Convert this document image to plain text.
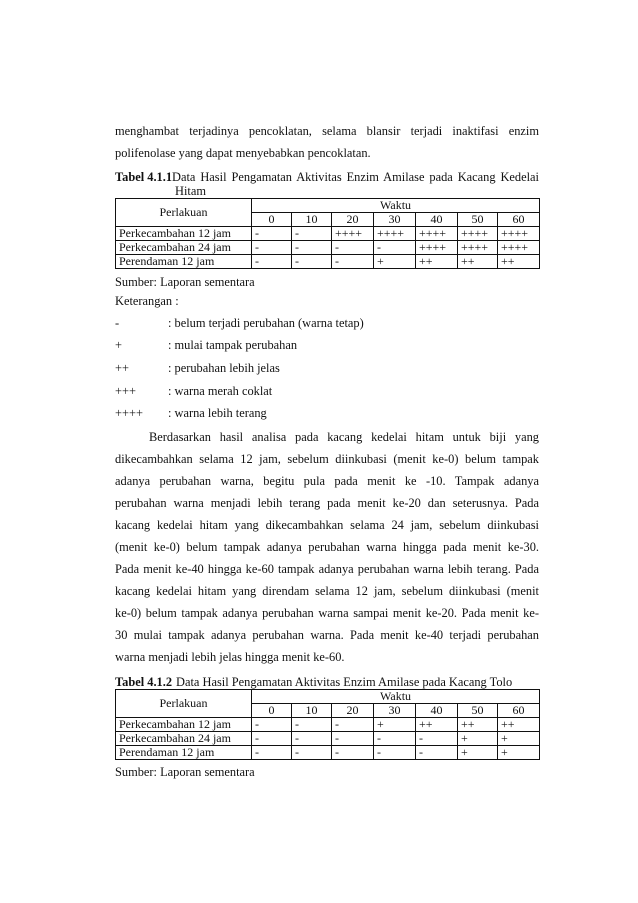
menghambat terjadinya pencoklatan, selama blansir terjadi inaktifasi enzim
polifenolase yang dapat menyebabkan pencoklatan.
Tabel 4.1.1 Data Hasil Pengamatan Aktivitas Enzim Amilase pada Kacang Kedelai
Hitam
Perlakuan	Waktu						
	0	10	20	30	40	50	60
Perkecambahan 12 jam	-	-	++++	++++	++++	++++	++++
Perkecambahan 24 jam	-	-	-	-	++++	++++	++++
Perendaman 12 jam	-	-	-	+	++	++	++
Sumber: Laporan sementara
Keterangan :
-	: belum terjadi perubahan (warna tetap)
+	: mulai tampak perubahan
++	: perubahan lebih jelas
+++	: warna merah coklat
++++ : warna lebih terang
Berdasarkan hasil analisa pada kacang kedelai hitam untuk biji yang
dikecambahkan selama 12 jam, sebelum diinkubasi (menit ke-0) belum tampak
adanya perubahan warna, begitu pula pada menit ke -10. Tampak adanya
perubahan warna menjadi lebih terang pada menit ke-20 dan seterusnya. Pada
kacang kedelai hitam yang dikecambahkan selama 24 jam, sebelum diinkubasi
(menit ke-0) belum tampak adanya perubahan warna hingga pada menit ke-30.
Pada menit ke-40 hingga ke-60 tampak adanya perubahan warna lebih terang. Pada
kacang kedelai hitam yang direndam selama 12 jam, sebelum diinkubasi (menit
ke-0) belum tampak adanya perubahan warna sampai menit ke-20. Pada menit ke-
30 mulai tampak adanya perubahan warna. Pada menit ke-40 terjadi perubahan
warna menjadi lebih jelas hingga menit ke-60.
Tabel 4.1.2 Data Hasil Pengamatan Aktivitas Enzim Amilase pada Kacang Tolo
Perlakuan	Waktu						
	0	10	20	30	40	50	60
Perkecambahan 12 jam	-	-	-	+	++	++	++
Perkecambahan 24 jam	-	-	-	-	-	+	+
Perendaman 12 jam	-	-	-	-	-	+	+
Sumber: Laporan sementara
